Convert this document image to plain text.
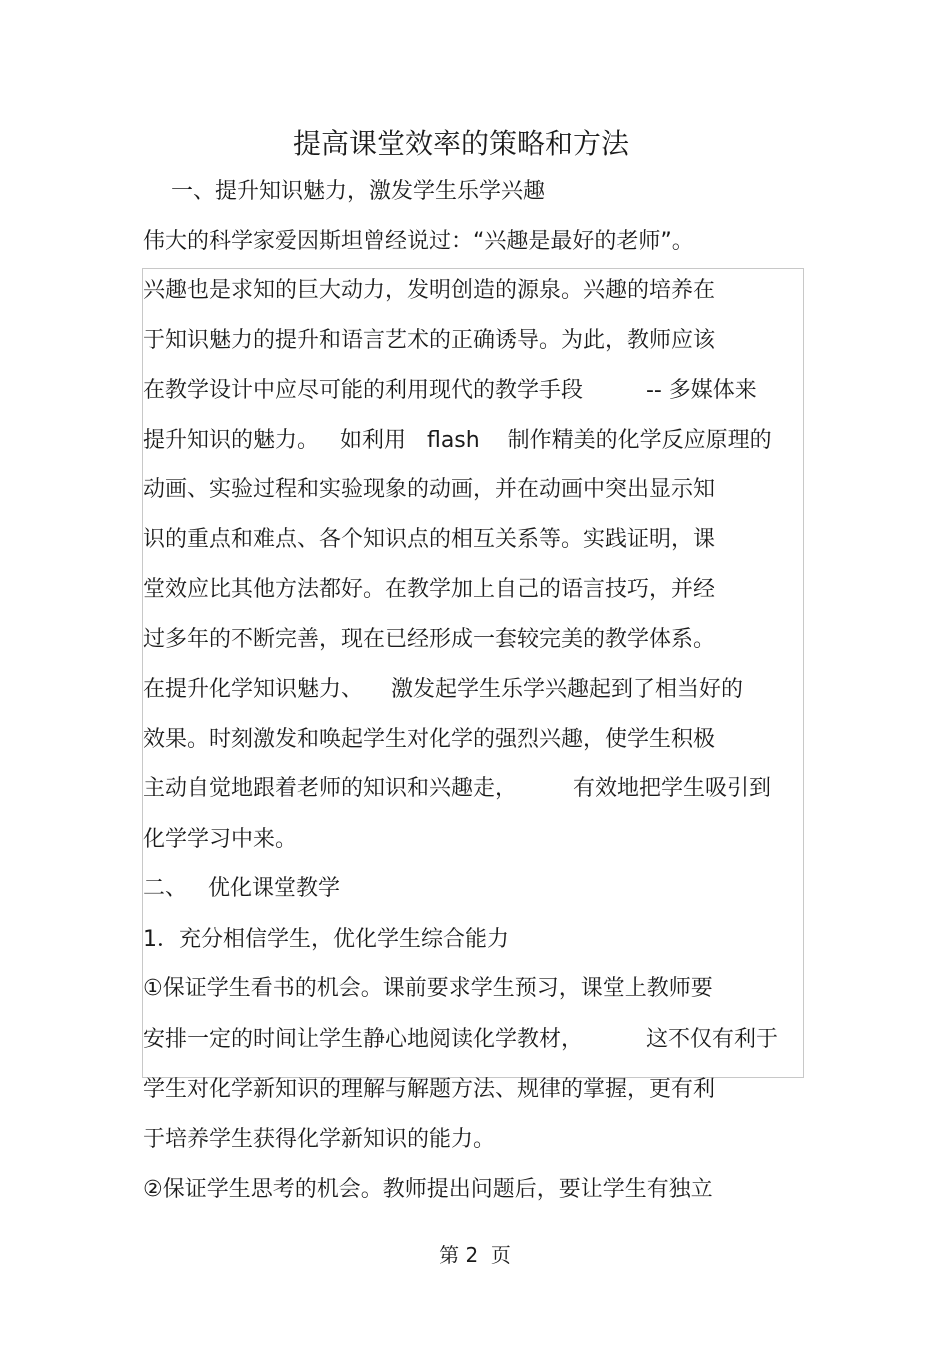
提高课堂效率的策略和方法
一、提升知识魅力，激发学生乐学兴趣
伟大的科学家爱因斯坦曾经说过：“兴趣是最好的老师”。
兴趣也是求知的巨大动力，发明创造的源泉。兴趣的培养在
于知识魅力的提升和语言艺术的正确诱导。为此，教师应该
在教学设计中应尽可能的利用现代的教学手段         -- 多媒体来
提升知识的魅力。   如利用   flash    制作精美的化学反应原理的
动画、实验过程和实验现象的动画，并在动画中突出显示知
识的重点和难点、各个知识点的相互关系等。实践证明，课
堂效应比其他方法都好。在教学加上自己的语言技巧，并经
过多年的不断完善，现在已经形成一套较完美的教学体系。
在提升化学知识魅力、    激发起学生乐学兴趣起到了相当好的
效果。时刻激发和唤起学生对化学的强烈兴趣，使学生积极
主动自觉地跟着老师的知识和兴趣走，        有效地把学生吸引到
化学学习中来。
二、   优化课堂教学
1．充分相信学生，优化学生综合能力
①保证学生看书的机会。课前要求学生预习，课堂上教师要
安排一定的时间让学生静心地阅读化学教材，         这不仅有利于
学生对化学新知识的理解与解题方法、规律的掌握，更有利
于培养学生获得化学新知识的能力。
②保证学生思考的机会。教师提出问题后，要让学生有独立
第 2  页
